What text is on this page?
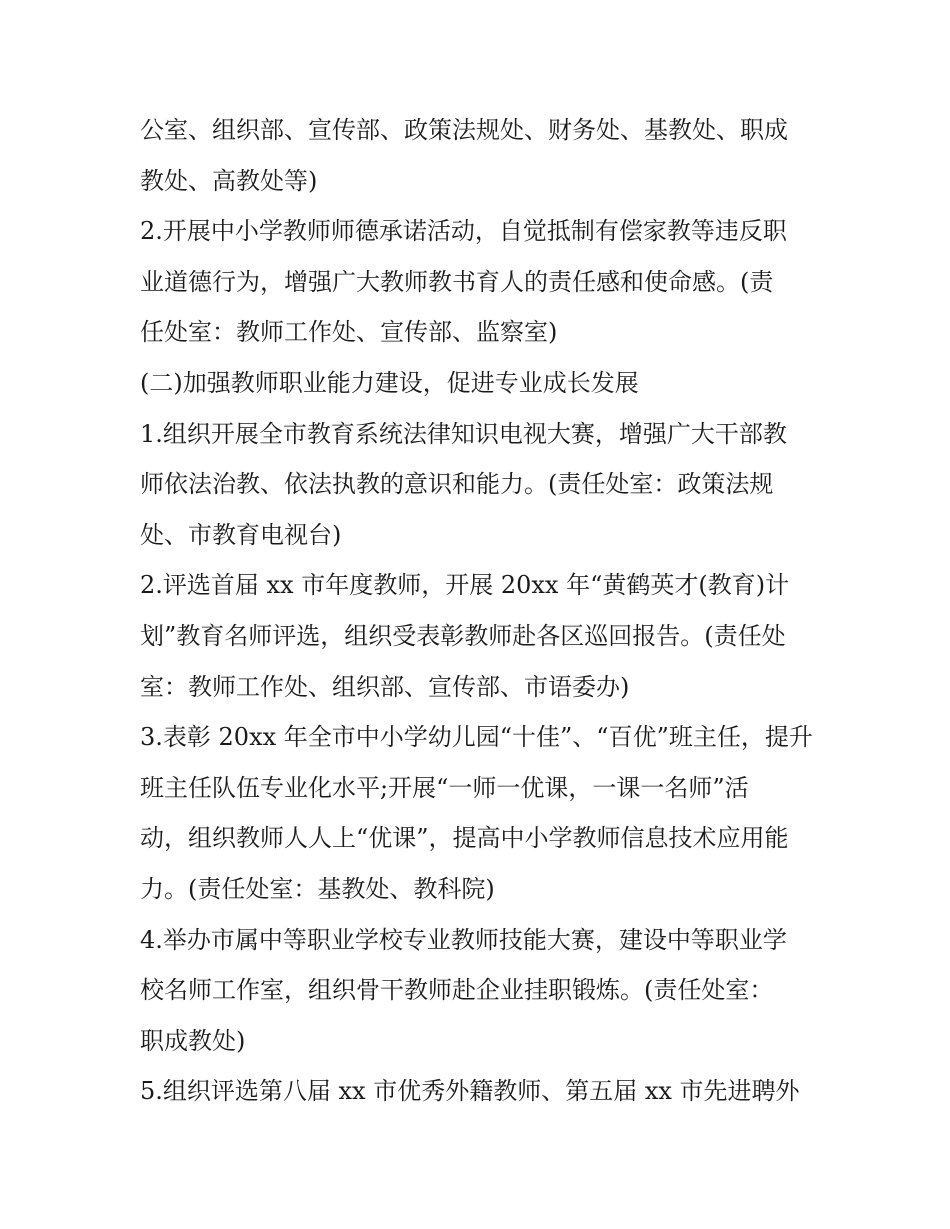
公室、组织部、宣传部、政策法规处、财务处、基教处、职成
教处、高教处等)
2.开展中小学教师师德承诺活动，自觉抵制有偿家教等违反职
业道德行为，增强广大教师教书育人的责任感和使命感。(责
任处室：教师工作处、宣传部、监察室)
(二)加强教师职业能力建设，促进专业成长发展
1.组织开展全市教育系统法律知识电视大赛，增强广大干部教
师依法治教、依法执教的意识和能力。(责任处室：政策法规
处、市教育电视台)
2.评选首届 xx 市年度教师，开展 20xx 年“黄鹤英才(教育)计
划”教育名师评选，组织受表彰教师赴各区巡回报告。(责任处
室：教师工作处、组织部、宣传部、市语委办)
3.表彰 20xx 年全市中小学幼儿园“十佳”、“百优”班主任，提升
班主任队伍专业化水平;开展“一师一优课，一课一名师”活
动，组织教师人人上“优课”，提高中小学教师信息技术应用能
力。(责任处室：基教处、教科院)
4.举办市属中等职业学校专业教师技能大赛，建设中等职业学
校名师工作室，组织骨干教师赴企业挂职锻炼。(责任处室：
职成教处)
5.组织评选第八届 xx 市优秀外籍教师、第五届 xx 市先进聘外
